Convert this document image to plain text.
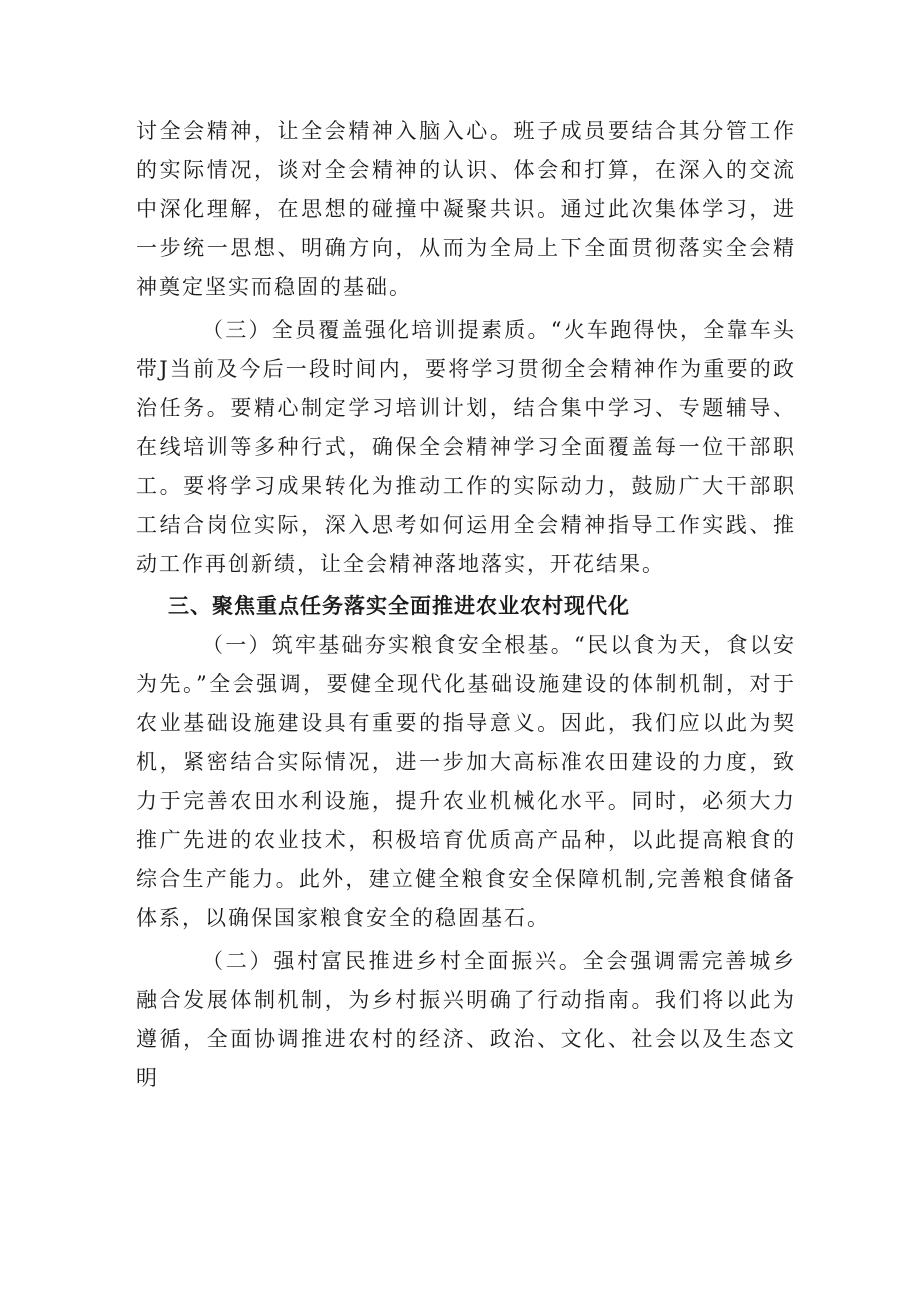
讨全会精神，让全会精神入脑入心。班子成员要结合其分管工作的实际情况，谈对全会精神的认识、体会和打算，在深入的交流中深化理解，在思想的碰撞中凝聚共识。通过此次集体学习，进一步统一思想、明确方向，从而为全局上下全面贯彻落实全会精神奠定坚实而稳固的基础。

（三）全员覆盖强化培训提素质。“火车跑得快，全靠车头带J当前及今后一段时间内，要将学习贯彻全会精神作为重要的政治任务。要精心制定学习培训计划，结合集中学习、专题辅导、在线培训等多种行式，确保全会精神学习全面覆盖每一位干部职工。要将学习成果转化为推动工作的实际动力，鼓励广大干部职工结合岗位实际，深入思考如何运用全会精神指导工作实践、推动工作再创新绩，让全会精神落地落实，开花结果。

三、聚焦重点任务落实全面推进农业农村现代化

（一）筑牢基础夯实粮食安全根基。“民以食为天，食以安为先。”全会强调，要健全现代化基础设施建设的体制机制，对于农业基础设施建设具有重要的指导意义。因此，我们应以此为契机，紧密结合实际情况，进一步加大高标准农田建设的力度，致力于完善农田水利设施，提升农业机械化水平。同时，必须大力推广先进的农业技术，积极培育优质高产品种，以此提高粮食的综合生产能力。此外，建立健全粮食安全保障机制,完善粮食储备体系，以确保国家粮食安全的稳固基石。

（二）强村富民推进乡村全面振兴。全会强调需完善城乡融合发展体制机制，为乡村振兴明确了行动指南。我们将以此为遵循，全面协调推进农村的经济、政治、文化、社会以及生态文明
